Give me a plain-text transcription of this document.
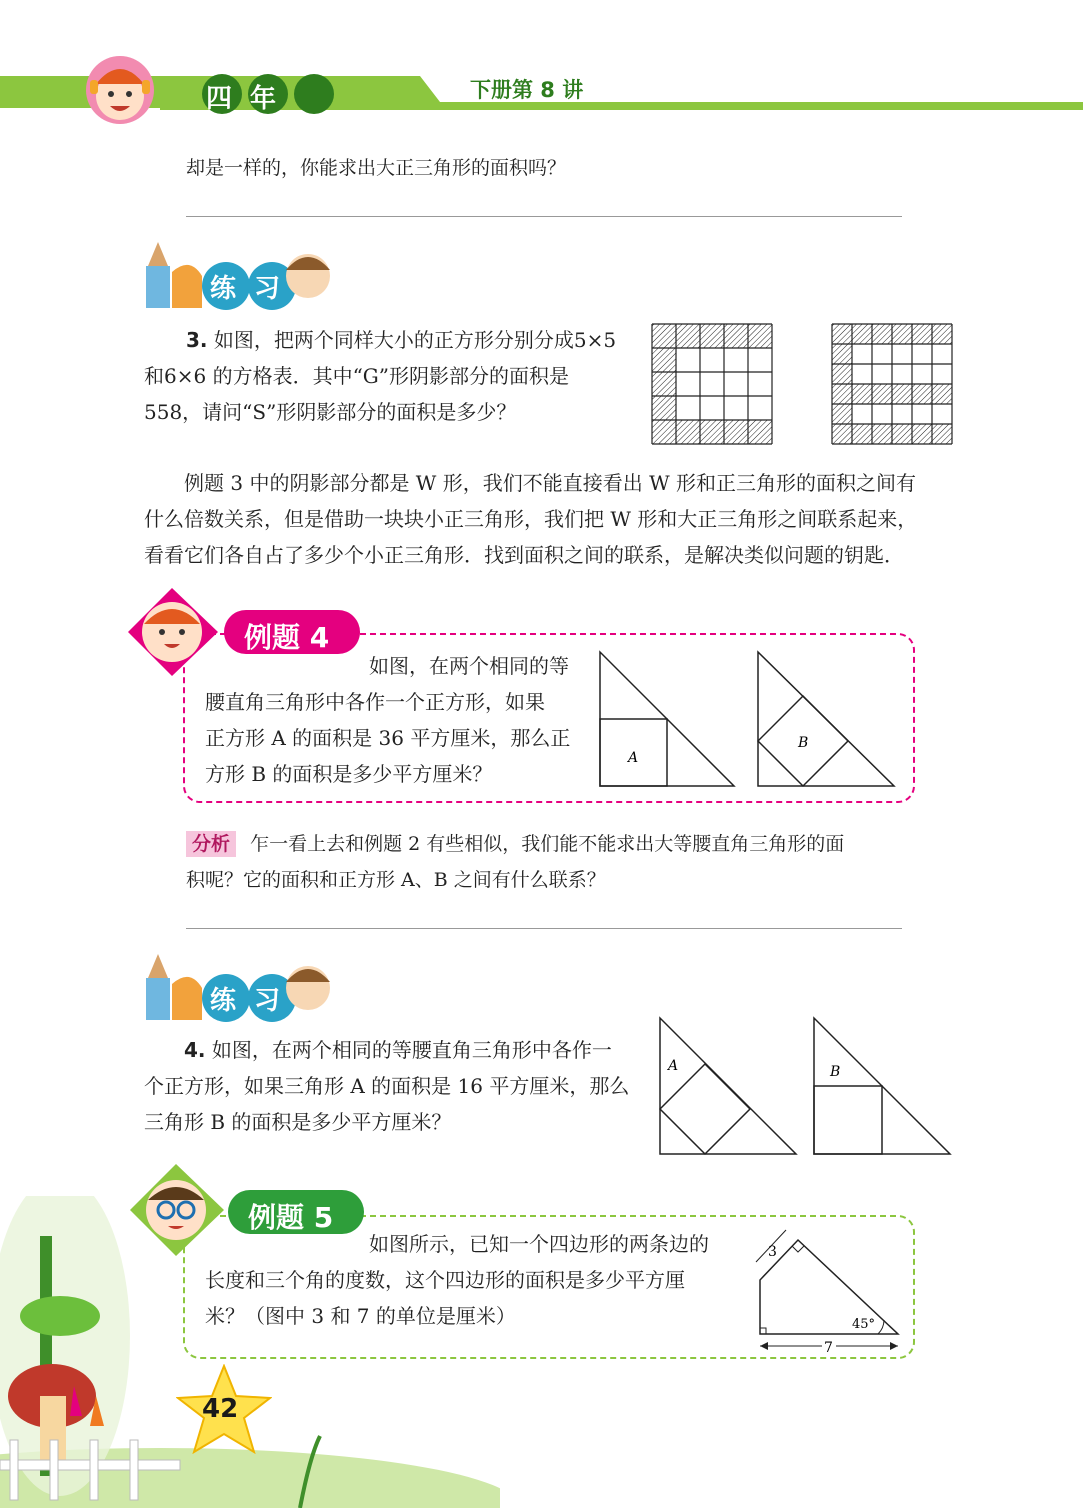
四年级
下册第 8 讲
却是一样的，你能求出大正三角形的面积吗？
练习
3. 如图，把两个同样大小的正方形分别分成5×5
和6×6 的方格表．其中“G”形阴影部分的面积是
558，请问“S”形阴影部分的面积是多少？
例题 3 中的阴影部分都是 W 形，我们不能直接看出 W 形和正三角形的面积之间有
什么倍数关系，但是借助一块块小正三角形，我们把 W 形和大正三角形之间联系起来，
看看它们各自占了多少个小正三角形．找到面积之间的联系，是解决类似问题的钥匙．
例题 4
如图，在两个相同的等
腰直角三角形中各作一个正方形，如果
正方形 A 的面积是 36 平方厘米，那么正
方形 B 的面积是多少平方厘米？
A
B
分析 乍一看上去和例题 2 有些相似，我们能不能求出大等腰直角三角形的面
积呢？它的面积和正方形 A、B 之间有什么联系？
练习
4. 如图，在两个相同的等腰直角三角形中各作一
个正方形，如果三角形 A 的面积是 16 平方厘米，那么
三角形 B 的面积是多少平方厘米？
A	B
例题 5
如图所示，已知一个四边形的两条边的
长度和三个角的度数，这个四边形的面积是多少平方厘
米？（图中 3 和 7 的单位是厘米）
3
45°
7
42
